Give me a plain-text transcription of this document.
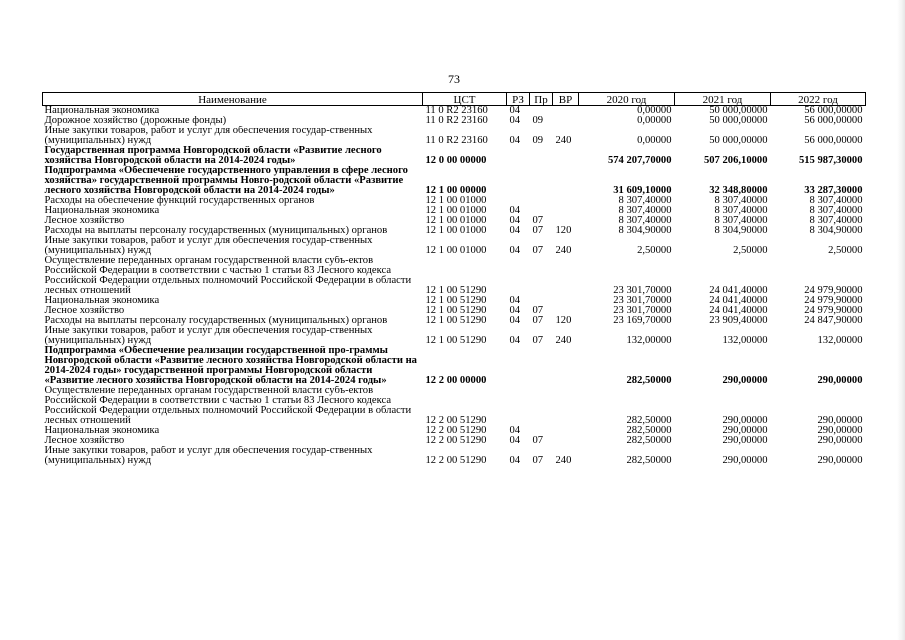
73
Наименование	ЦСТ	РЗ	Пр	ВР	2020 год	2021 год	2022 год
Национальная экономика	11 0 R2 23160	04			0,00000	50 000,00000	56 000,00000
Дорожное хозяйство (дорожные фонды)	11 0 R2 23160	04	09		0,00000	50 000,00000	56 000,00000
Иные закупки товаров, работ и услуг для обеспечения государ-ственных (муниципальных) нужд	11 0 R2 23160	04	09	240	0,00000	50 000,00000	56 000,00000
Государственная программа Новгородской области «Развитие лесного хозяйства Новгородской области на 2014-2024 годы»	12 0 00 00000				574 207,70000	507 206,10000	515 987,30000
Подпрограмма «Обеспечение государственного управления в сфере лесного хозяйства» государственной программы Новго-родской области «Развитие лесного хозяйства Новгородской области на 2014-2024 годы»	12 1 00 00000				31 609,10000	32 348,80000	33 287,30000
Расходы на обеспечение функций государственных органов	12 1 00 01000				8 307,40000	8 307,40000	8 307,40000
Национальная экономика	12 1 00 01000	04			8 307,40000	8 307,40000	8 307,40000
Лесное хозяйство	12 1 00 01000	04	07		8 307,40000	8 307,40000	8 307,40000
Расходы на выплаты персоналу государственных (муниципальных) органов	12 1 00 01000	04	07	120	8 304,90000	8 304,90000	8 304,90000
Иные закупки товаров, работ и услуг для обеспечения государ-ственных (муниципальных) нужд	12 1 00 01000	04	07	240	2,50000	2,50000	2,50000
Осуществление переданных органам государственной власти субъ-ектов Российской Федерации в соответствии с частью 1 статьи 83 Лесного кодекса Российской Федерации отдельных полномочий Российской Федерации в области лесных отношений	12 1 00 51290				23 301,70000	24 041,40000	24 979,90000
Национальная экономика	12 1 00 51290	04			23 301,70000	24 041,40000	24 979,90000
Лесное хозяйство	12 1 00 51290	04	07		23 301,70000	24 041,40000	24 979,90000
Расходы на выплаты персоналу государственных (муниципальных) органов	12 1 00 51290	04	07	120	23 169,70000	23 909,40000	24 847,90000
Иные закупки товаров, работ и услуг для обеспечения государ-ственных (муниципальных) нужд	12 1 00 51290	04	07	240	132,00000	132,00000	132,00000
Подпрограмма «Обеспечение реализации государственной про-граммы Новгородской области «Развитие лесного хозяйства Новгородской области на 2014-2024 годы» государственной программы Новгородской области «Развитие лесного хозяйства Новгородской области на 2014-2024 годы»	12 2 00 00000				282,50000	290,00000	290,00000
Осуществление переданных органам государственной власти субъ-ектов Российской Федерации в соответствии с частью 1 статьи 83 Лесного кодекса Российской Федерации отдельных полномочий Российской Федерации в области лесных отношений	12 2 00 51290				282,50000	290,00000	290,00000
Национальная экономика	12 2 00 51290	04			282,50000	290,00000	290,00000
Лесное хозяйство	12 2 00 51290	04	07		282,50000	290,00000	290,00000
Иные закупки товаров, работ и услуг для обеспечения государ-ственных (муниципальных) нужд	12 2 00 51290	04	07	240	282,50000	290,00000	290,00000
